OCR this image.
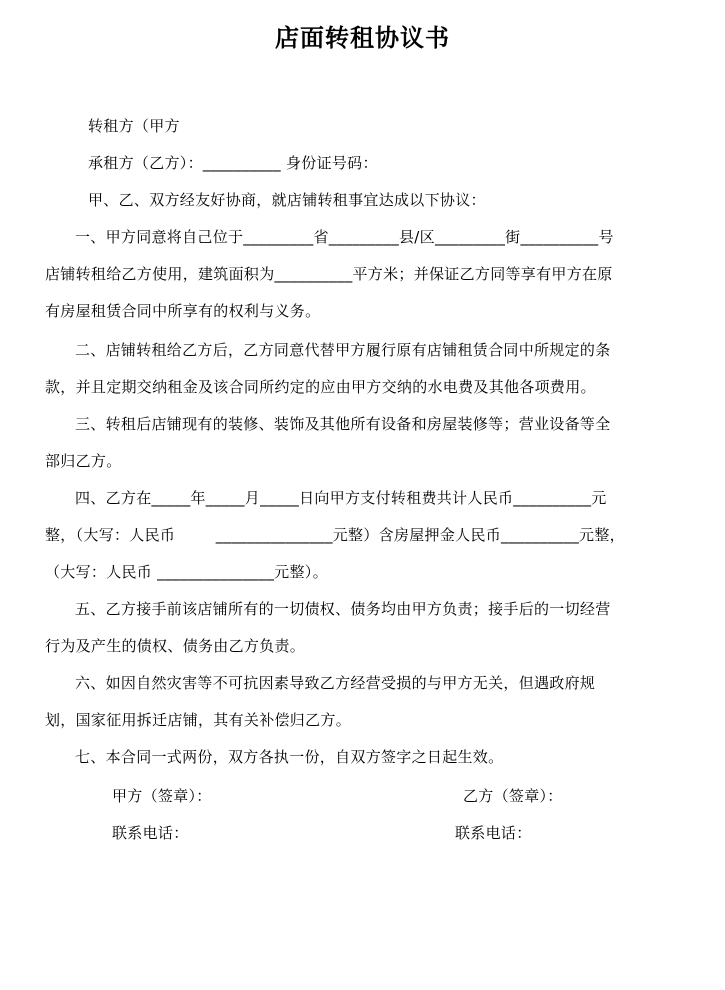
店面转租协议书
转租方（甲方
承租方（乙方）：__________ 身份证号码：
甲、乙、双方经友好协商，就店铺转租事宜达成以下协议：
一、甲方同意将自己位于_________省_________县/区_________街__________号
店铺转租给乙方使用，建筑面积为__________平方米；并保证乙方同等享有甲方在原
有房屋租赁合同中所享有的权利与义务。
二、店铺转租给乙方后，乙方同意代替甲方履行原有店铺租赁合同中所规定的条
款，并且定期交纳租金及该合同所约定的应由甲方交纳的水电费及其他各项费用。
三、转租后店铺现有的装修、装饰及其他所有设备和房屋装修等；营业设备等全
部归乙方。
四、乙方在_____年_____月_____日向甲方支付转租费共计人民币__________元
整，（大写：人民币        _______________元整）含房屋押金人民币__________元整，
（大写：人民币 _______________元整）。
五、乙方接手前该店铺所有的一切债权、债务均由甲方负责；接手后的一切经营
行为及产生的债权、债务由乙方负责。
六、如因自然灾害等不可抗因素导致乙方经营受损的与甲方无关，但遇政府规
划，国家征用拆迁店铺，其有关补偿归乙方。
七、本合同一式两份，双方各执一份，自双方签字之日起生效。
甲方（签章）：	乙方（签章）：
联系电话：	联系电话：
